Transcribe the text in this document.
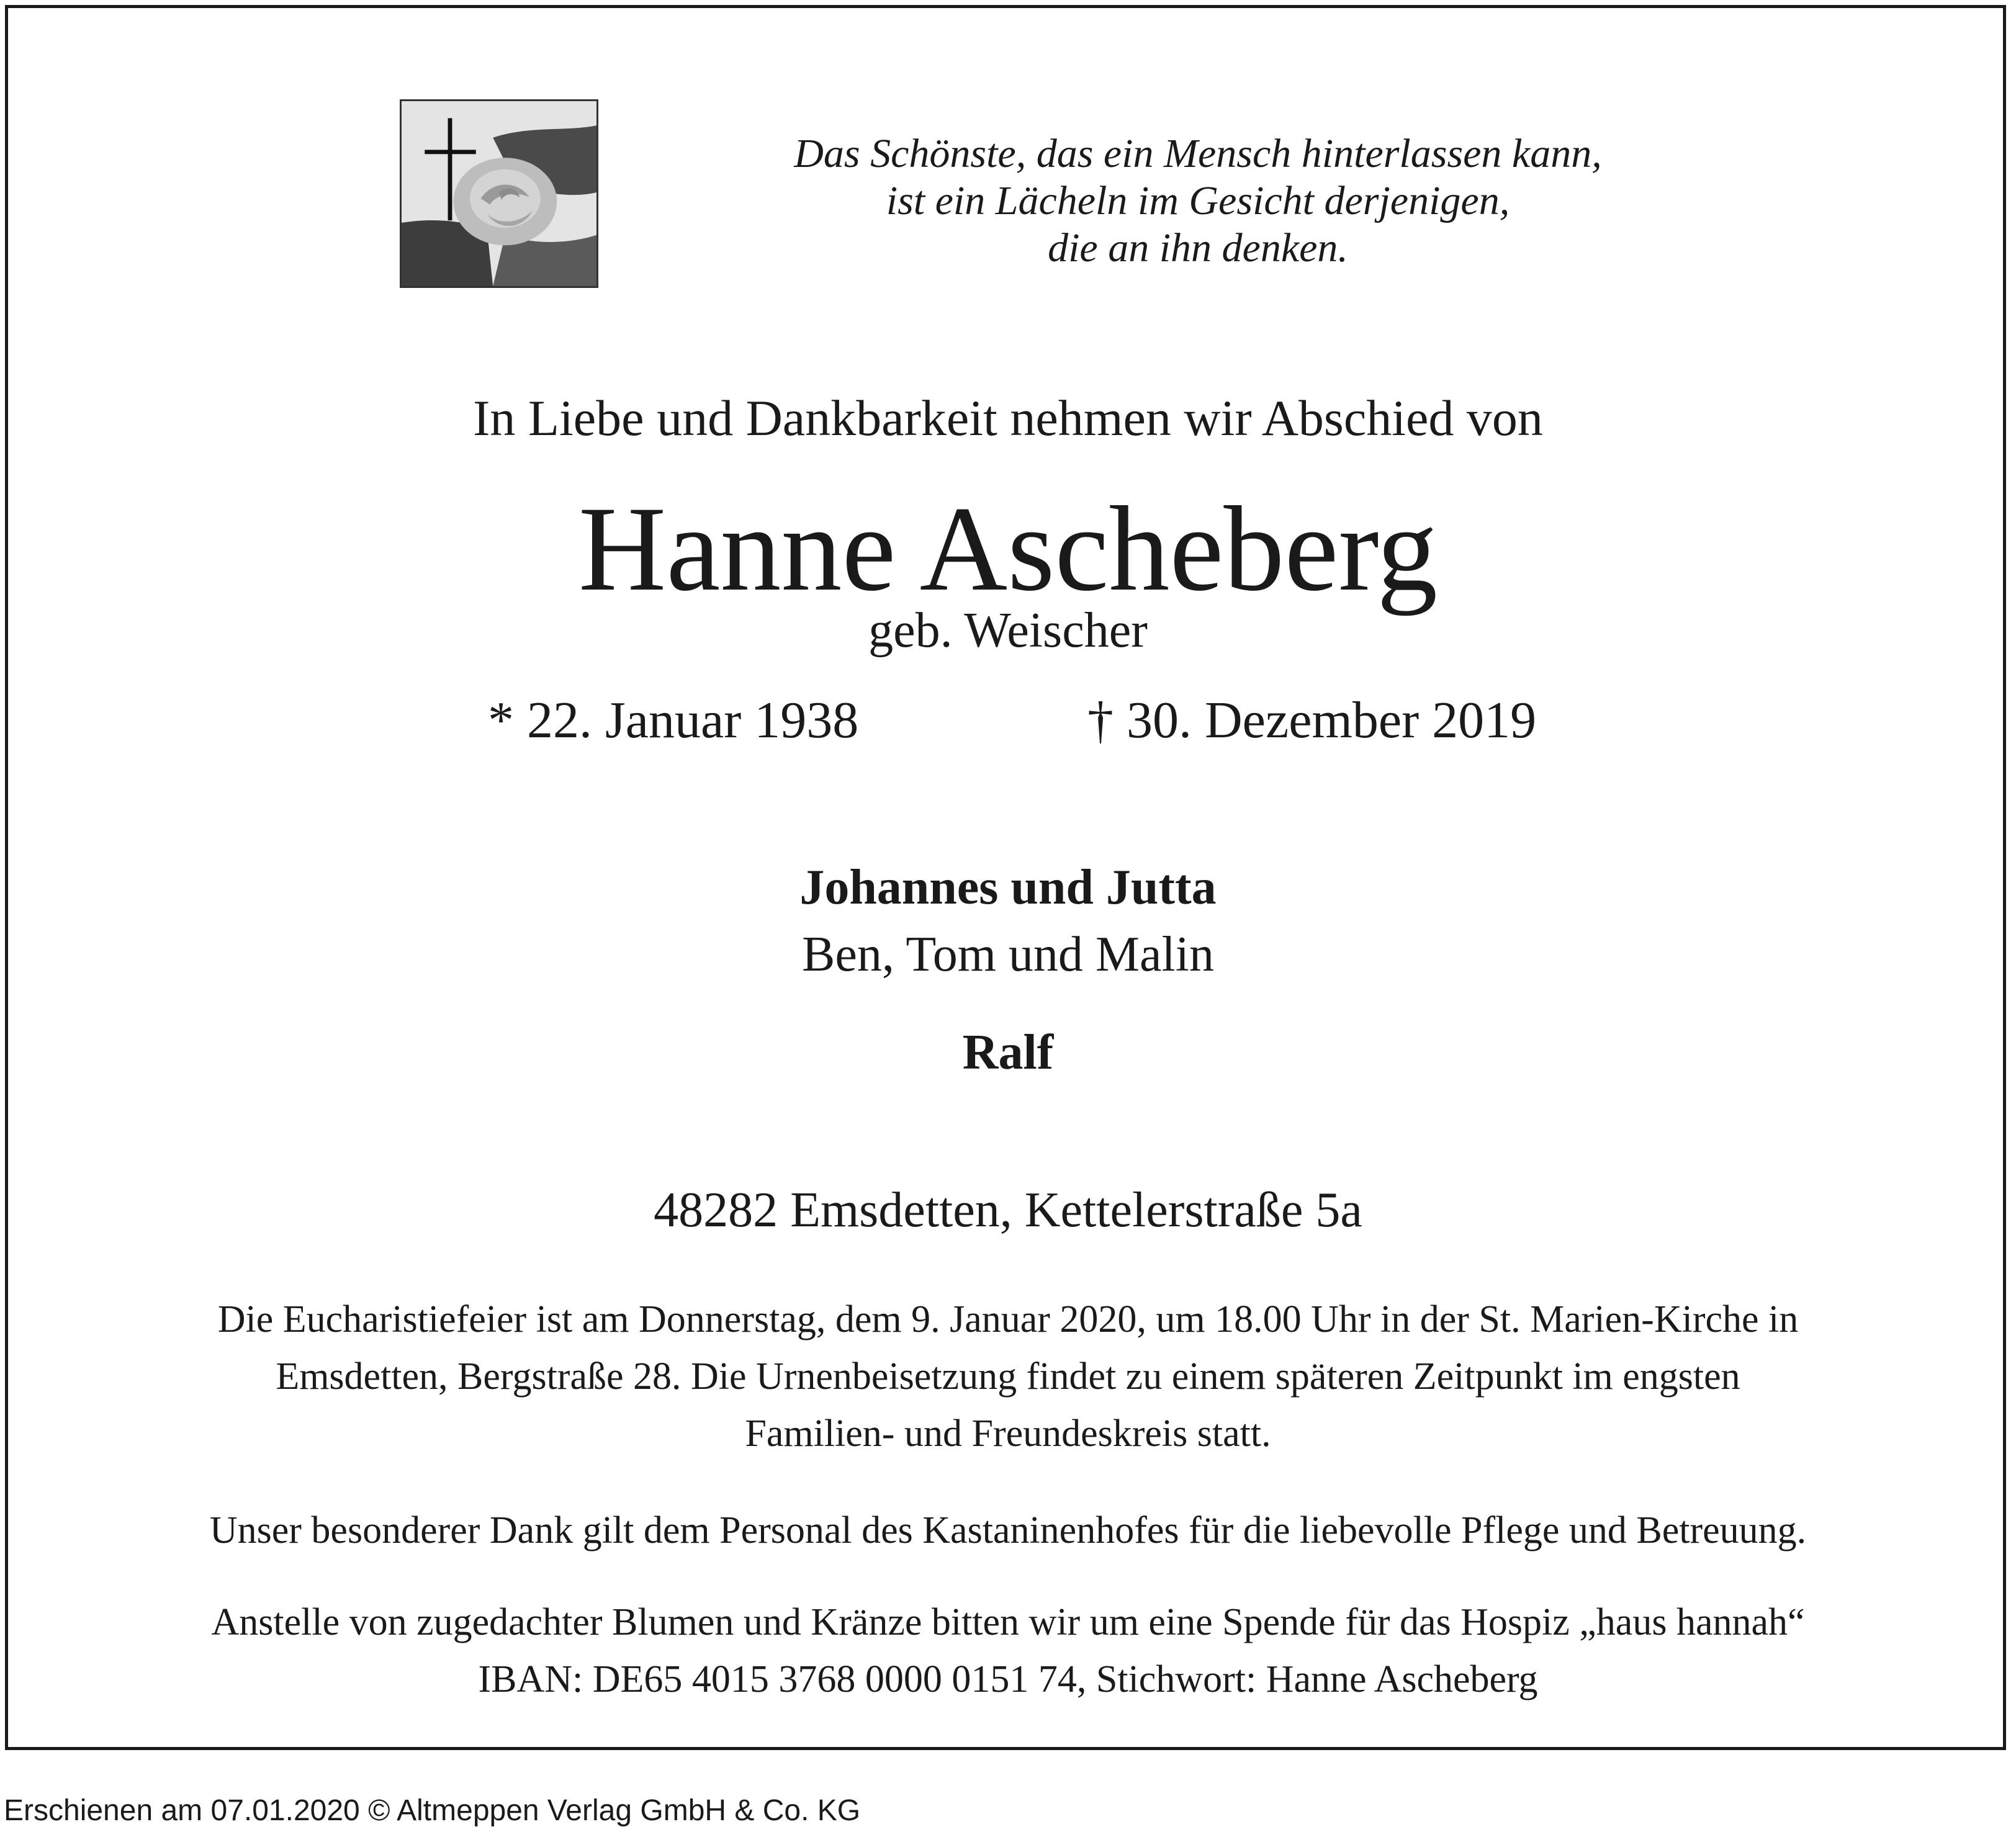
Das Schönste, das ein Mensch hinterlassen kann,
ist ein Lächeln im Gesicht derjenigen,
die an ihn denken.
In Liebe und Dankbarkeit nehmen wir Abschied von
Hanne Ascheberg
geb. Weischer
* 22. Januar 1938	† 30. Dezember 2019
Johannes und Jutta
Ben, Tom und Malin
Ralf
48282 Emsdetten, Kettelerstraße 5a
Die Eucharistiefeier ist am Donnerstag, dem 9. Januar 2020, um 18.00 Uhr in der St. Marien-Kirche in
Emsdetten, Bergstraße 28. Die Urnenbeisetzung findet zu einem späteren Zeitpunkt im engsten
Familien- und Freundeskreis statt.
Unser besonderer Dank gilt dem Personal des Kastaninenhofes für die liebevolle Pflege und Betreuung.
Anstelle von zugedachter Blumen und Kränze bitten wir um eine Spende für das Hospiz „haus hannah“
IBAN: DE65 4015 3768 0000 0151 74, Stichwort: Hanne Ascheberg
Erschienen am 07.01.2020 © Altmeppen Verlag GmbH & Co. KG
